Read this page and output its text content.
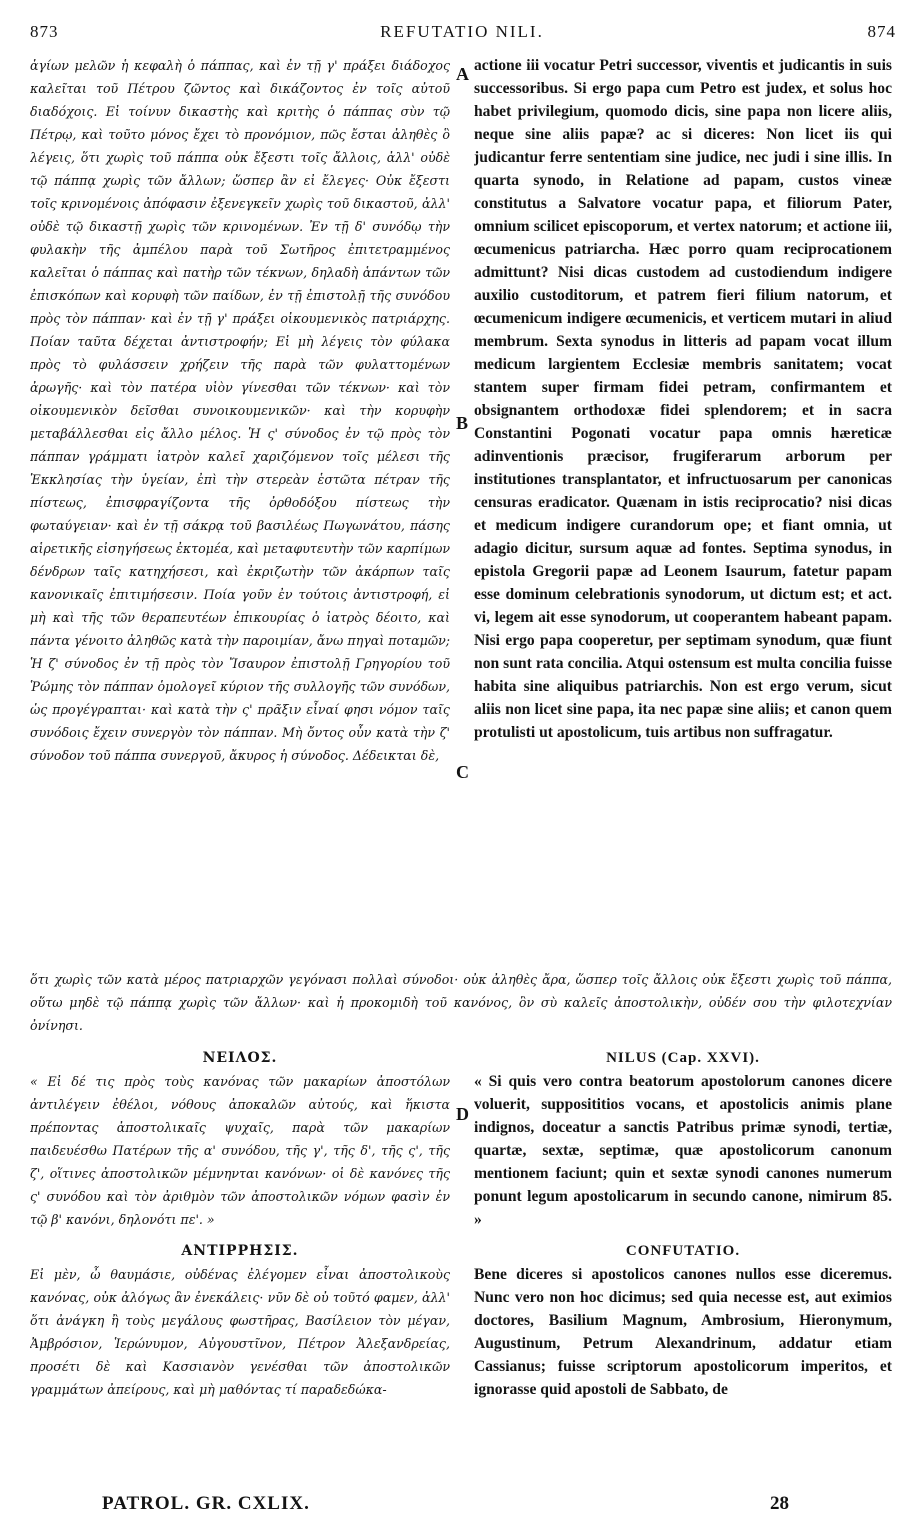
873	REFUTATIO NILI.	874

ἁγίων μελῶν ἡ κεφαλὴ ὁ πάππας, καὶ ἐν τῇ γ' πράξει διάδοχος καλεῖται τοῦ Πέτρου ζῶντος καὶ δικάζοντος ἐν τοῖς αὐτοῦ διαδόχοις. Εἰ τοίνυν δικαστὴς καὶ κριτὴς ὁ πάππας σὺν τῷ Πέτρῳ, καὶ τοῦτο μόνος ἔχει τὸ προνόμιον, πῶς ἔσται ἀληθὲς ὃ λέγεις, ὅτι χωρὶς τοῦ πάππα οὐκ ἔξεστι τοῖς ἄλλοις, ἀλλ' οὐδὲ τῷ πάππᾳ χωρὶς τῶν ἄλλων; ὥσπερ ἂν εἰ ἔλεγες· Οὐκ ἔξεστι τοῖς κρινομένοις ἀπόφασιν ἐξενεγκεῖν χωρὶς τοῦ δικαστοῦ, ἀλλ' οὐδὲ τῷ δικαστῇ χωρὶς τῶν κρινομένων. Ἐν τῇ δ' συνόδῳ τὴν φυλακὴν τῆς ἀμπέλου παρὰ τοῦ Σωτῆρος ἐπιτετραμμένος καλεῖται ὁ πάππας καὶ πατὴρ τῶν τέκνων, δηλαδὴ ἁπάντων τῶν ἐπισκόπων καὶ κορυφὴ τῶν παίδων, ἐν τῇ ἐπιστολῇ τῆς συνόδου πρὸς τὸν πάππαν· καὶ ἐν τῇ γ' πράξει οἰκουμενικὸς πατριάρχης. Ποίαν ταῦτα δέχεται ἀντιστροφήν; Εἰ μὴ λέγεις τὸν φύλακα πρὸς τὸ φυλάσσειν χρήζειν τῆς παρὰ τῶν φυλαττομένων ἀρωγῆς· καὶ τὸν πατέρα υἱὸν γίνεσθαι τῶν τέκνων· καὶ τὸν οἰκουμενικὸν δεῖσθαι συνοικουμενικῶν· καὶ τὴν κορυφὴν μεταβάλλεσθαι εἰς ἄλλο μέλος. Ἡ ς' σύνοδος ἐν τῷ πρὸς τὸν πάππαν γράμματι ἰατρὸν καλεῖ χαριζόμενον τοῖς μέλεσι τῆς Ἐκκλησίας τὴν ὑγείαν, ἐπὶ τὴν στερεὰν ἑστῶτα πέτραν τῆς πίστεως, ἐπισφραγίζοντα τῆς ὀρθοδόξου πίστεως τὴν φωταύγειαν· καὶ ἐν τῇ σάκρᾳ τοῦ βασιλέως Πωγωνάτου, πάσης αἱρετικῆς εἰσηγήσεως ἐκτομέα, καὶ μεταφυτευτὴν τῶν καρπίμων δένδρων ταῖς κατηχήσεσι, καὶ ἐκριζωτὴν τῶν ἀκάρπων ταῖς κανονικαῖς ἐπιτιμήσεσιν. Ποία γοῦν ἐν τούτοις ἀντιστροφή, εἰ μὴ καὶ τῆς τῶν θεραπευτέων ἐπικουρίας ὁ ἰατρὸς δέοιτο, καὶ πάντα γένοιτο ἀληθῶς κατὰ τὴν παροιμίαν, ἄνω πηγαὶ ποταμῶν; Ἡ ζ' σύνοδος ἐν τῇ πρὸς τὸν Ἴσαυρον ἐπιστολῇ Γρηγορίου τοῦ Ῥώμης τὸν πάππαν ὁμολογεῖ κύριον τῆς συλλογῆς τῶν συνόδων, ὡς προγέγραπται· καὶ κατὰ τὴν ς' πρᾶξιν εἶναί φησι νόμον ταῖς συνόδοις ἔχειν συνεργὸν τὸν πάππαν. Μὴ ὄντος οὖν κατὰ τὴν ζ' σύνοδον τοῦ πάππα συνεργοῦ, ἄκυρος ἡ σύνοδος. Δέδεικται δὲ,

actione iii vocatur Petri successor, viventis et judicantis in suis successoribus. Si ergo papa cum Petro est judex, et solus hoc habet privilegium, quomodo dicis, sine papa non licere aliis, neque sine aliis papæ? ac si diceres: Non licet iis qui judicantur ferre sententiam sine judice, nec judi i sine illis. In quarta synodo, in Relatione ad papam, custos vineæ constitutus a Salvatore vocatur papa, et filiorum Pater, omnium scilicet episcoporum, et vertex natorum; et actione iii, œcumenicus patriarcha. Hæc porro quam reciprocationem admittunt? Nisi dicas custodem ad custodiendum indigere auxilio custoditorum, et patrem fieri filium natorum, et œcumenicum indigere œcumenicis, et verticem mutari in aliud membrum. Sexta synodus in litteris ad papam vocat illum medicum largientem Ecclesiæ membris sanitatem; vocat stantem super firmam fidei petram, confirmantem et obsignantem orthodoxæ fidei splendorem; et in sacra Constantini Pogonati vocatur papa omnis hæreticæ adinventionis præcisor, frugiferarum arborum per institutiones transplantator, et infructuosarum per canonicas censuras eradicator. Quænam in istis reciprocatio? nisi dicas et medicum indigere curandorum ope; et fiant omnia, ut adagio dicitur, sursum aquæ ad fontes. Septima synodus, in epistola Gregorii papæ ad Leonem Isaurum, fatetur papam esse dominum celebrationis synodorum, ut dictum est; et act. vi, legem ait esse synodorum, ut cooperantem habeant papam. Nisi ergo papa cooperetur, per septimam synodum, quæ fiunt non sunt rata concilia. Atqui ostensum est multa concilia fuisse habita sine aliquibus patriarchis. Non est ergo verum, sicut aliis non licet sine papa, ita nec papæ sine aliis; et canon quem protulisti ut apostolicum, tuis artibus non suffragatur.

A
B
C
D

ὅτι χωρὶς τῶν κατὰ μέρος πατριαρχῶν γεγόνασι πολλαὶ σύνοδοι· οὐκ ἀληθὲς ἄρα, ὥσπερ τοῖς ἄλλοις οὐκ ἔξεστι χωρὶς τοῦ πάππα, οὕτω μηδὲ τῷ πάππᾳ χωρὶς τῶν ἄλλων· καὶ ἡ προκομιδὴ τοῦ κανόνος, ὃν σὺ καλεῖς ἀποστολικὴν, οὐδέν σου τὴν φιλοτεχνίαν ὀνίνησι.

ΝΕΙΛΟΣ.

« Εἰ δέ τις πρὸς τοὺς κανόνας τῶν μακαρίων ἀποστόλων ἀντιλέγειν ἐθέλοι, νόθους ἀποκαλῶν αὐτούς, καὶ ἥκιστα πρέποντας ἀποστολικαῖς ψυχαῖς, παρὰ τῶν μακαρίων παιδευέσθω Πατέρων τῆς α' συνόδου, τῆς γ', τῆς δ', τῆς ς', τῆς ζ', οἵτινες ἀποστολικῶν μέμνηνται κανόνων· οἱ δὲ κανόνες τῆς ς' συνόδου καὶ τὸν ἀριθμὸν τῶν ἀποστολικῶν νόμων φασὶν ἐν τῷ β' κανόνι, δηλονότι πε'. »

ΑΝΤΙΡΡΗΣΙΣ.

Εἰ μὲν, ὦ θαυμάσιε, οὐδένας ἐλέγομεν εἶναι ἀποστολικοὺς κανόνας, οὐκ ἀλόγως ἂν ἐνεκάλεις· νῦν δὲ οὐ τοῦτό φαμεν, ἀλλ' ὅτι ἀνάγκη ἢ τοὺς μεγάλους φωστῆρας, Βασίλειον τὸν μέγαν, Ἀμβρόσιον, Ἱερώνυμον, Αὐγουστῖνον, Πέτρον Ἀλεξανδρείας, προσέτι δὲ καὶ Κασσιανὸν γενέσθαι τῶν ἀποστολικῶν γραμμάτων ἀπείρους, καὶ μὴ μαθόντας τί παραδεδώκα-

NILUS (Cap. XXVI).

« Si quis vero contra beatorum apostolorum canones dicere voluerit, supposititios vocans, et apostolicis animis plane indignos, doceatur a sanctis Patribus primæ synodi, tertiæ, quartæ, sextæ, septimæ, quæ apostolicorum canonum mentionem faciunt; quin et sextæ synodi canones numerum ponunt legum apostolicarum in secundo canone, nimirum 85. »

CONFUTATIO.

Bene diceres si apostolicos canones nullos esse diceremus. Nunc vero non hoc dicimus; sed quia necesse est, aut eximios doctores, Basilium Magnum, Ambrosium, Hieronymum, Augustinum, Petrum Alexandrinum, addatur etiam Cassianus; fuisse scriptorum apostolicorum imperitos, et ignorasse quid apostoli de Sabbato, de

PATROL. GR. CXLIX.	28
